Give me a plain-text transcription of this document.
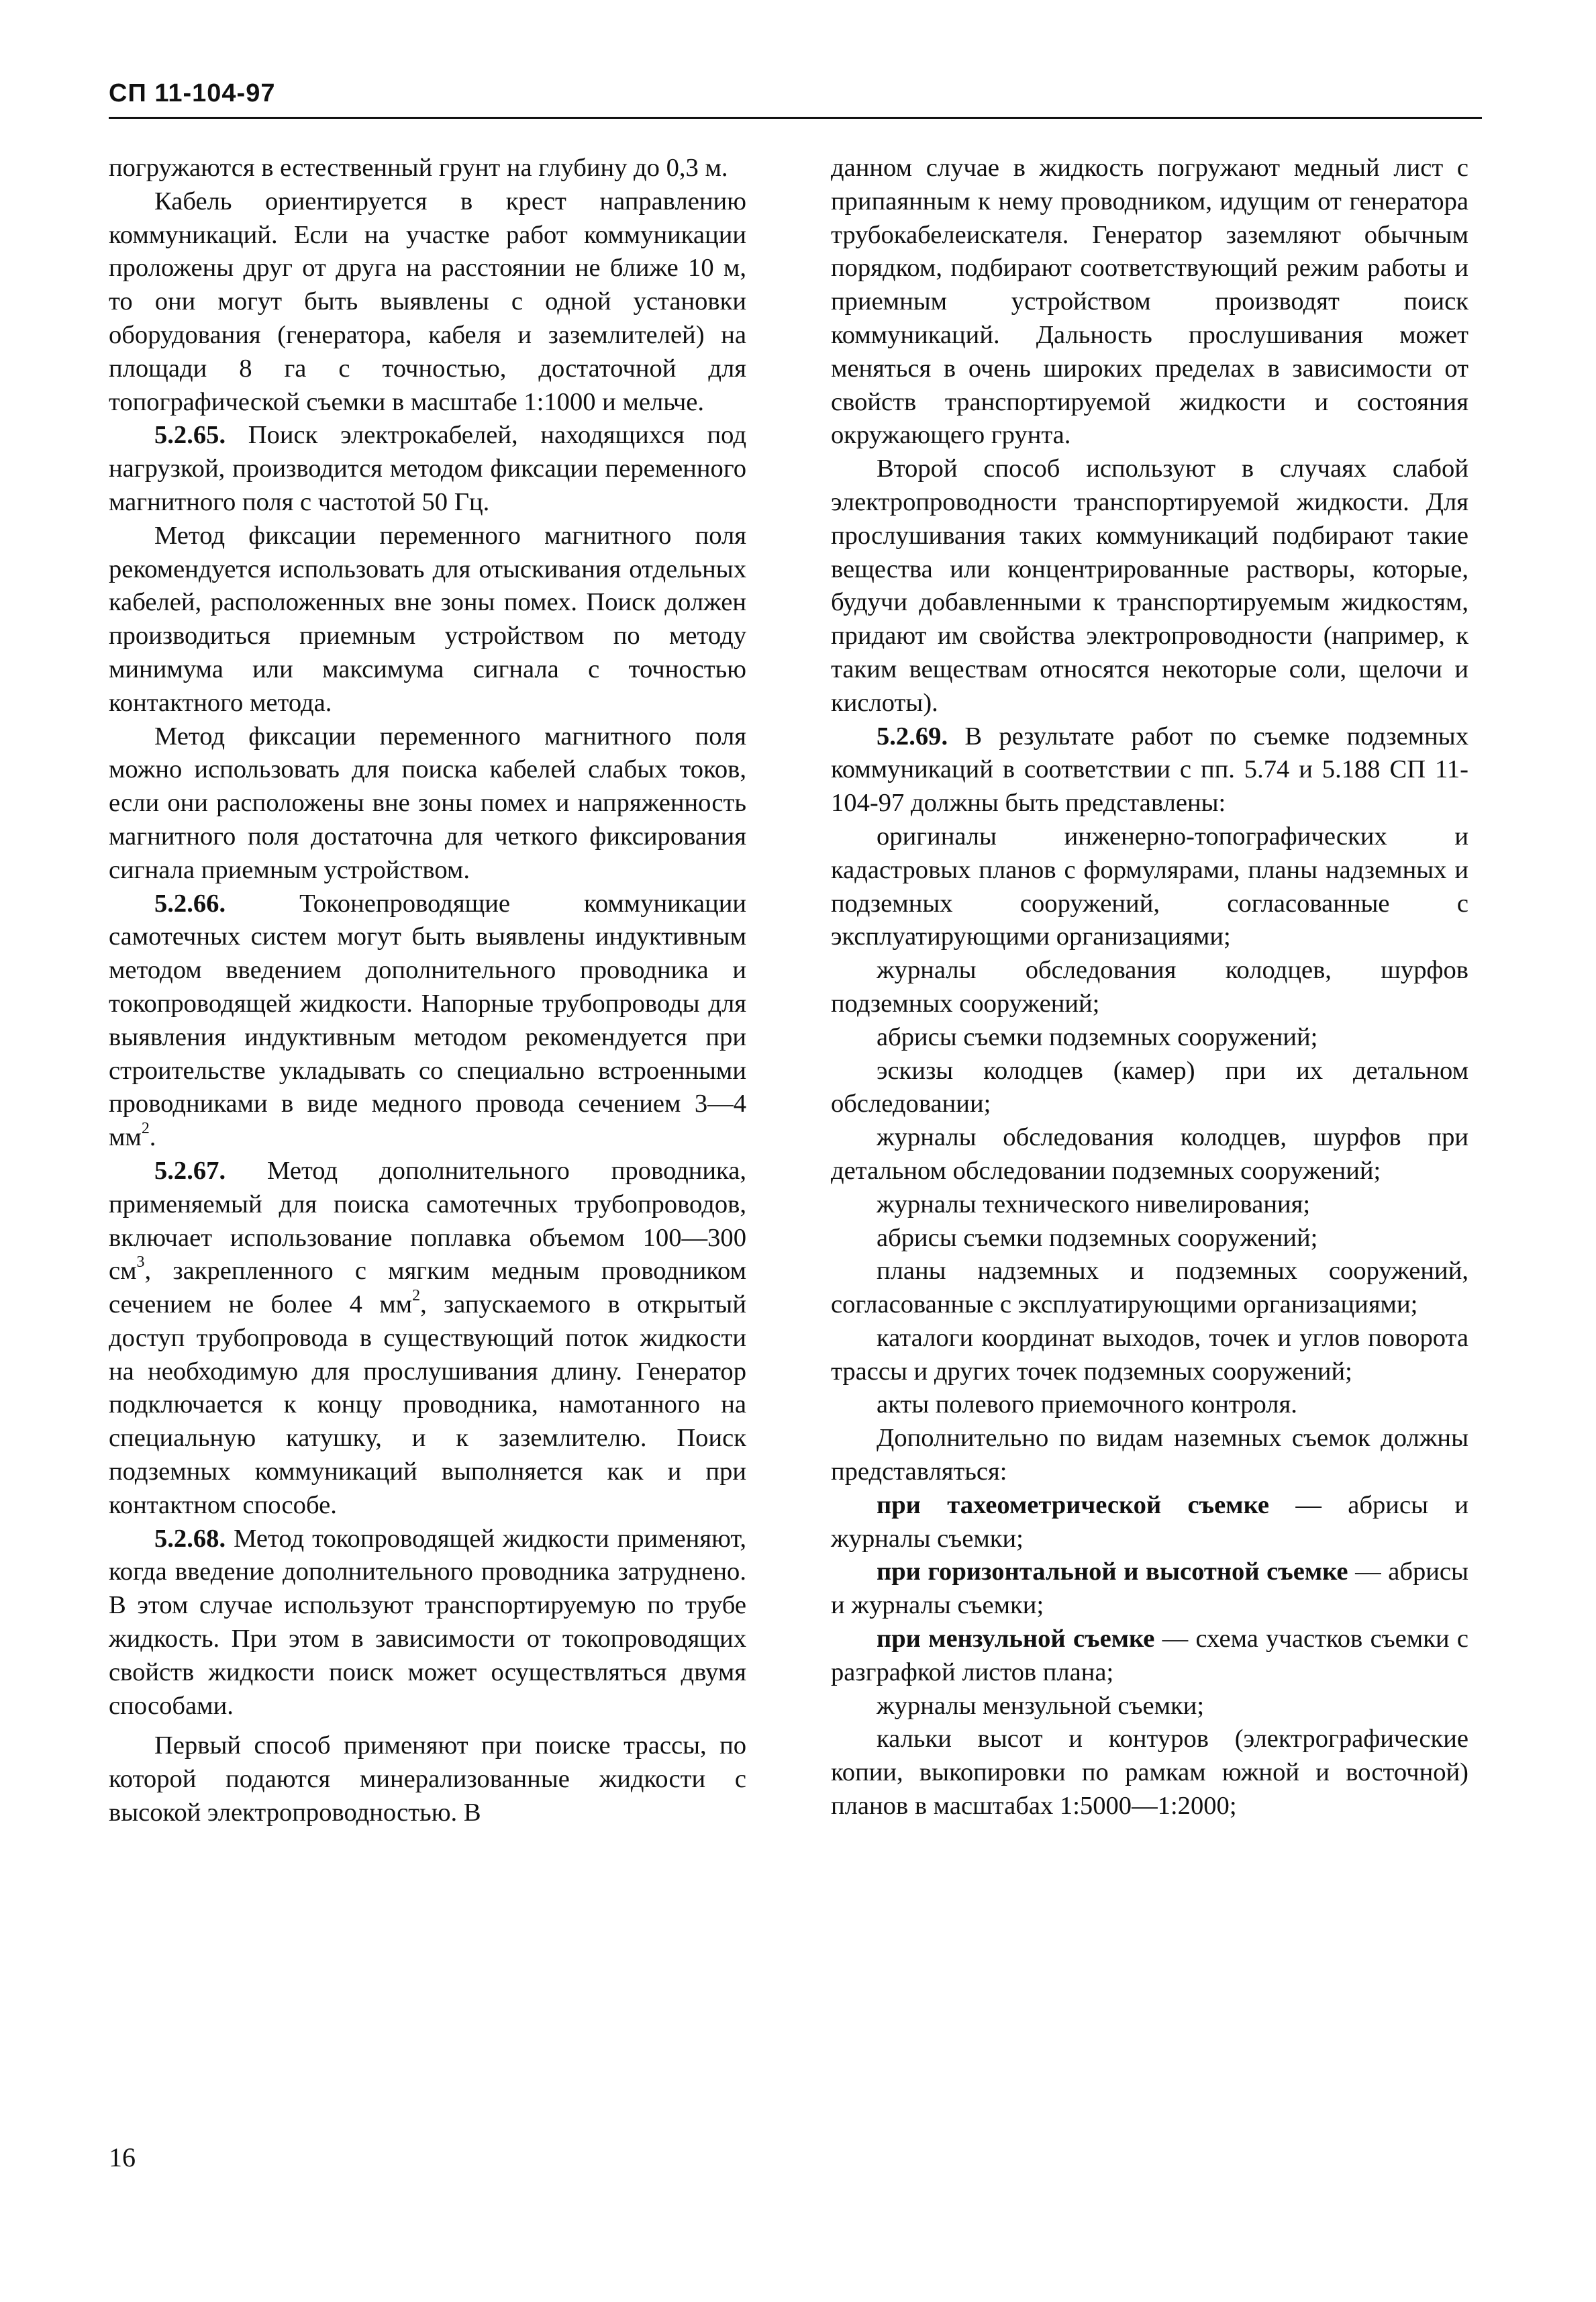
СП 11-104-97

погружаются в естественный грунт на глубину до 0,3 м.

Кабель ориентируется в крест направлению коммуникаций. Если на участке работ коммуникации проложены друг от друга на расстоянии не ближе 10 м, то они могут быть выявлены с одной установки оборудования (генератора, кабеля и заземлителей) на площади 8 га с точностью, достаточной для топографической съемки в масштабе 1:1000 и мельче.

5.2.65. Поиск электрокабелей, находящихся под нагрузкой, производится методом фиксации переменного магнитного поля с частотой 50 Гц.

Метод фиксации переменного магнитного поля рекомендуется использовать для отыскивания отдельных кабелей, расположенных вне зоны помех. Поиск должен производиться приемным устройством по методу минимума или максимума сигнала с точностью контактного метода.

Метод фиксации переменного магнитного поля можно использовать для поиска кабелей слабых токов, если они расположены вне зоны помех и напряженность магнитного поля достаточна для четкого фиксирования сигнала приемным устройством.

5.2.66. Токонепроводящие коммуникации самотечных систем могут быть выявлены индуктивным методом введением дополнительного проводника и токопроводящей жидкости. Напорные трубопроводы для выявления индуктивным методом рекомендуется при строительстве укладывать со специально встроенными проводниками в виде медного провода сечением 3—4 $мм^2$.

5.2.67. Метод дополнительного проводника, применяемый для поиска самотечных трубопроводов, включает использование поплавка объемом 100—300 $см^3$, закрепленного с мягким медным проводником сечением не более 4 $мм^2$, запускаемого в открытый доступ трубопровода в существующий поток жидкости на необходимую для прослушивания длину. Генератор подключается к концу проводника, намотанного на специальную катушку, и к заземлителю. Поиск подземных коммуникаций выполняется как и при контактном способе.

5.2.68. Метод токопроводящей жидкости применяют, когда введение дополнительного проводника затруднено. В этом случае используют транспортируемую по трубе жидкость. При этом в зависимости от токопроводящих свойств жидкости поиск может осуществляться двумя способами.

Первый способ применяют при поиске трассы, по которой подаются минерализованные жидкости с высокой электропроводностью. В

данном случае в жидкость погружают медный лист с припаянным к нему проводником, идущим от генератора трубокабелеискателя. Генератор заземляют обычным порядком, подбирают соответствующий режим работы и приемным устройством производят поиск коммуникаций. Дальность прослушивания может меняться в очень широких пределах в зависимости от свойств транспортируемой жидкости и состояния окружающего грунта.

Второй способ используют в случаях слабой электропроводности транспортируемой жидкости. Для прослушивания таких коммуникаций подбирают такие вещества или концентрированные растворы, которые, будучи добавленными к транспортируемым жидкостям, придают им свойства электропроводности (например, к таким веществам относятся некоторые соли, щелочи и кислоты).

5.2.69. В результате работ по съемке подземных коммуникаций в соответствии с пп. 5.74 и 5.188 СП 11-104-97 должны быть представлены:

оригиналы инженерно-топографических и кадастровых планов с формулярами, планы надземных и подземных сооружений, согласованные с эксплуатирующими организациями;

журналы обследования колодцев, шурфов подземных сооружений;

абрисы съемки подземных сооружений;

эскизы колодцев (камер) при их детальном обследовании;

журналы обследования колодцев, шурфов при детальном обследовании подземных сооружений;

журналы технического нивелирования;

абрисы съемки подземных сооружений;

планы надземных и подземных сооружений, согласованные с эксплуатирующими организациями;

каталоги координат выходов, точек и углов поворота трассы и других точек подземных сооружений;

акты полевого приемочного контроля.

Дополнительно по видам наземных съемок должны представляться:

при тахеометрической съемке — абрисы и журналы съемки;

при горизонтальной и высотной съемке — абрисы и журналы съемки;

при мензульной съемке — схема участков съемки с разграфкой листов плана;

журналы мензульной съемки;

кальки высот и контуров (электрографические копии, выкопировки по рамкам южной и восточной) планов в масштабах 1:5000—1:2000;

16
